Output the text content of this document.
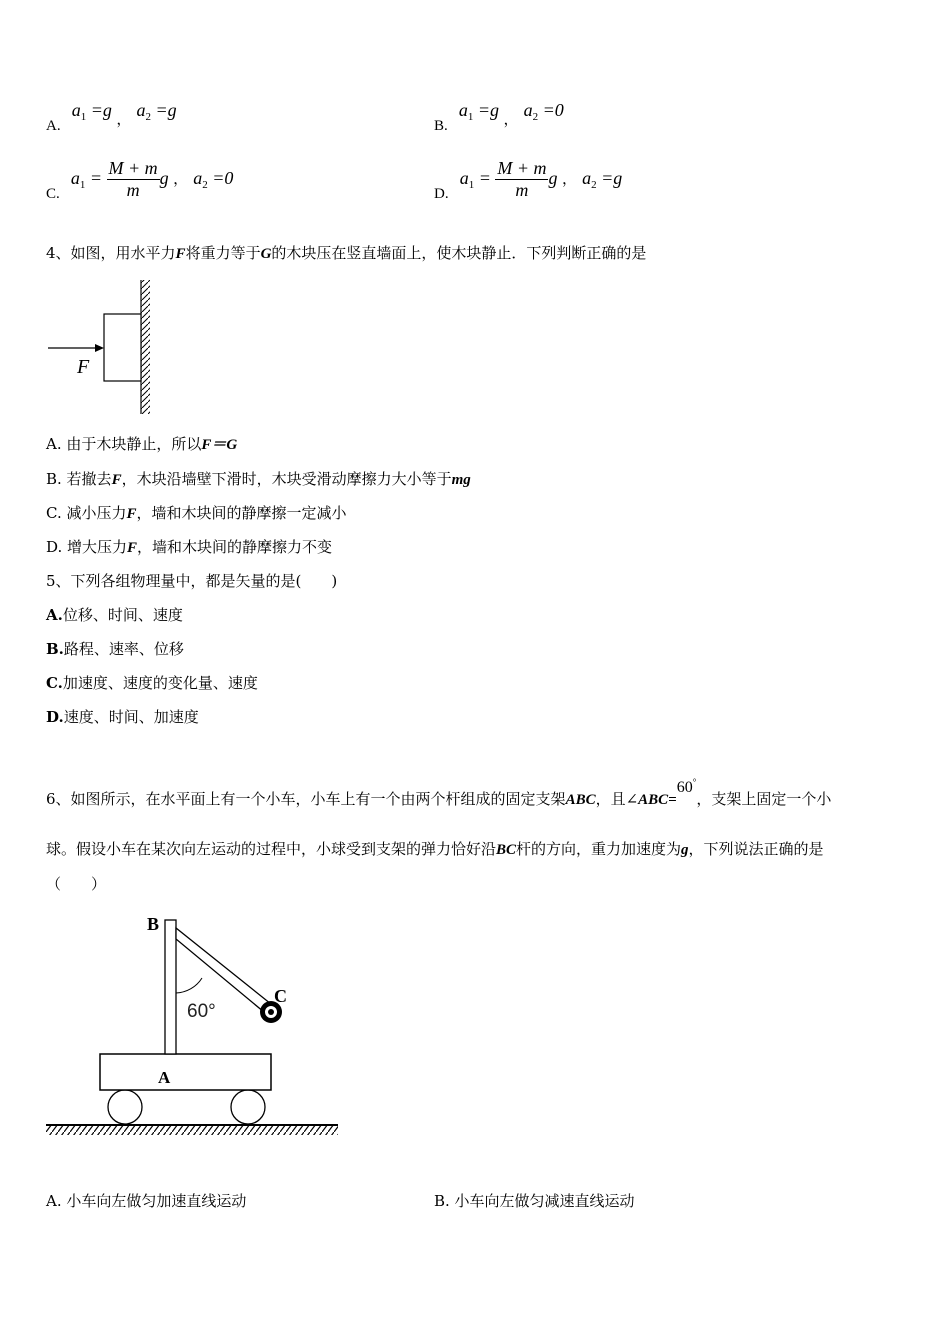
A. $a_1 =g$ ， $a_2 =g$
B. $a_1 =g$ ， $a_2 =0$
C. $a_1 = \frac{M + m}{m}$ g ， $a_2 =0$
D. $a_1 = \frac{M + m}{m}$ g ， $a_2 =g$
4、如图，用水平力F将重力等于G的木块压在竖直墙面上，使木块静止．下列判断正确的是
F
A. 由于木块静止，所以F＝G
B. 若撤去F，木块沿墙壁下滑时，木块受滑动摩擦力大小等于mg
C. 减小压力F，墙和木块间的静摩擦一定减小
D. 增大压力F，墙和木块间的静摩擦力不变
5、下列各组物理量中，都是矢量的是(　　)
A.位移、时间、速度
B.路程、速率、位移
C.加速度、速度的变化量、速度
D.速度、时间、加速度
6、如图所示，在水平面上有一个小车，小车上有一个由两个杆组成的固定支架ABC，且∠ABC=60°，支架上固定一个小
球。假设小车在某次向左运动的过程中，小球受到支架的弹力恰好沿BC杆的方向，重力加速度为g，下列说法正确的是
（　　）
A
60°
B
C
A. 小车向左做匀加速直线运动	B. 小车向左做匀减速直线运动
